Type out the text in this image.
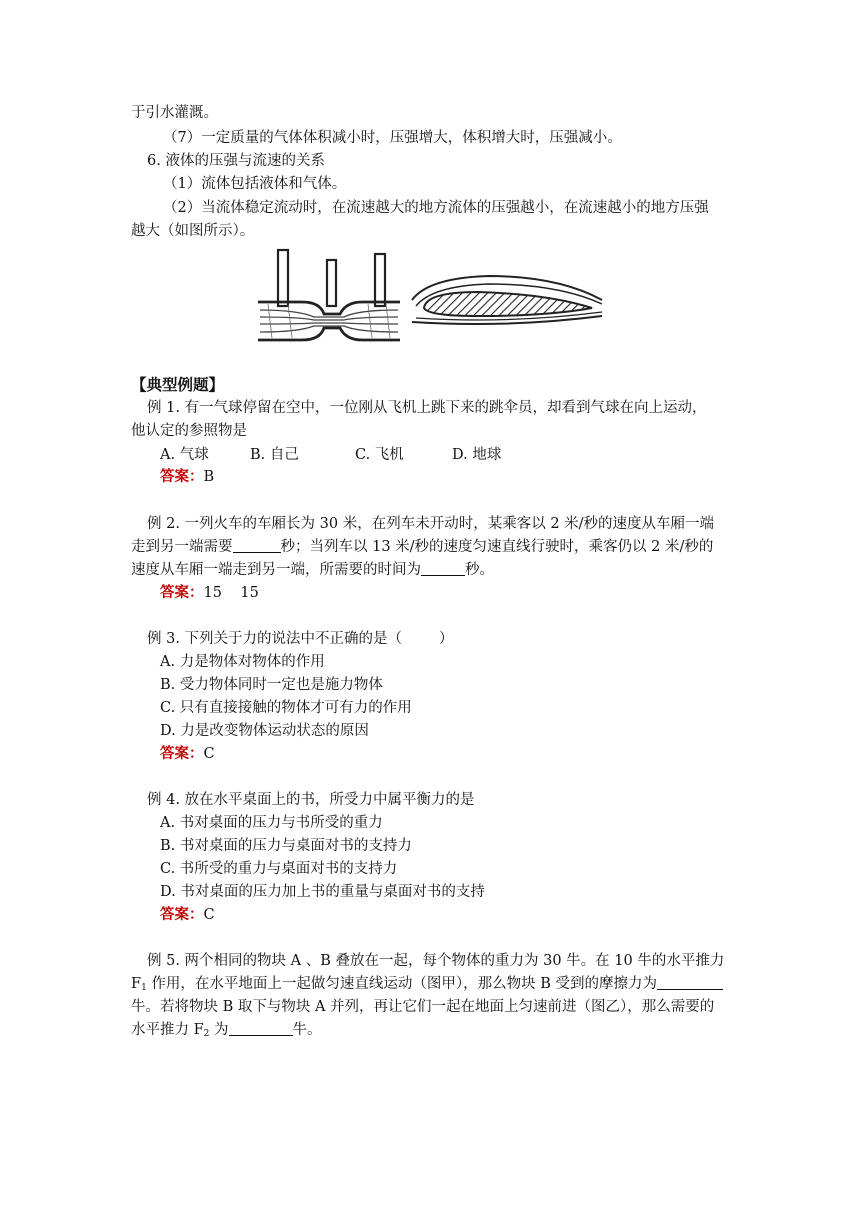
于引水灌溉。
（7）一定质量的气体体积减小时，压强增大，体积增大时，压强减小。
6. 液体的压强与流速的关系
（1）流体包括液体和气体。
（2）当流体稳定流动时，在流速越大的地方流体的压强越小，在流速越小的地方压强
越大（如图所示）。
【典型例题】
例 1. 有一气球停留在空中，一位刚从飞机上跳下来的跳伞员，却看到气球在向上运动，
他认定的参照物是
A. 气球	B. 自己	C. 飞机	D. 地球
答案：B
例 2. 一列火车的车厢长为 30 米，在列车未开动时，某乘客以 2 米/秒的速度从车厢一端
走到另一端需要	秒；当列车以 13 米/秒的速度匀速直线行驶时，乘客仍以 2 米/秒的
速度从车厢一端走到另一端，所需要的时间为	秒。
答案：15    15
例 3. 下列关于力的说法中不正确的是（        ）
A. 力是物体对物体的作用
B. 受力物体同时一定也是施力物体
C. 只有直接接触的物体才可有力的作用
D. 力是改变物体运动状态的原因
答案：C
例 4. 放在水平桌面上的书，所受力中属平衡力的是
A. 书对桌面的压力与书所受的重力
B. 书对桌面的压力与桌面对书的支持力
C. 书所受的重力与桌面对书的支持力
D. 书对桌面的压力加上书的重量与桌面对书的支持
答案：C
例 5. 两个相同的物块 A 、B 叠放在一起，每个物体的重力为 30 牛。在 10 牛的水平推力
$F_1$ 作用，在水平地面上一起做匀速直线运动（图甲），那么物块 B 受到的摩擦力为
牛。若将物块 B 取下与物块 A 并列，再让它们一起在地面上匀速前进（图乙），那么需要的
水平推力 $F_2$ 为	牛。
